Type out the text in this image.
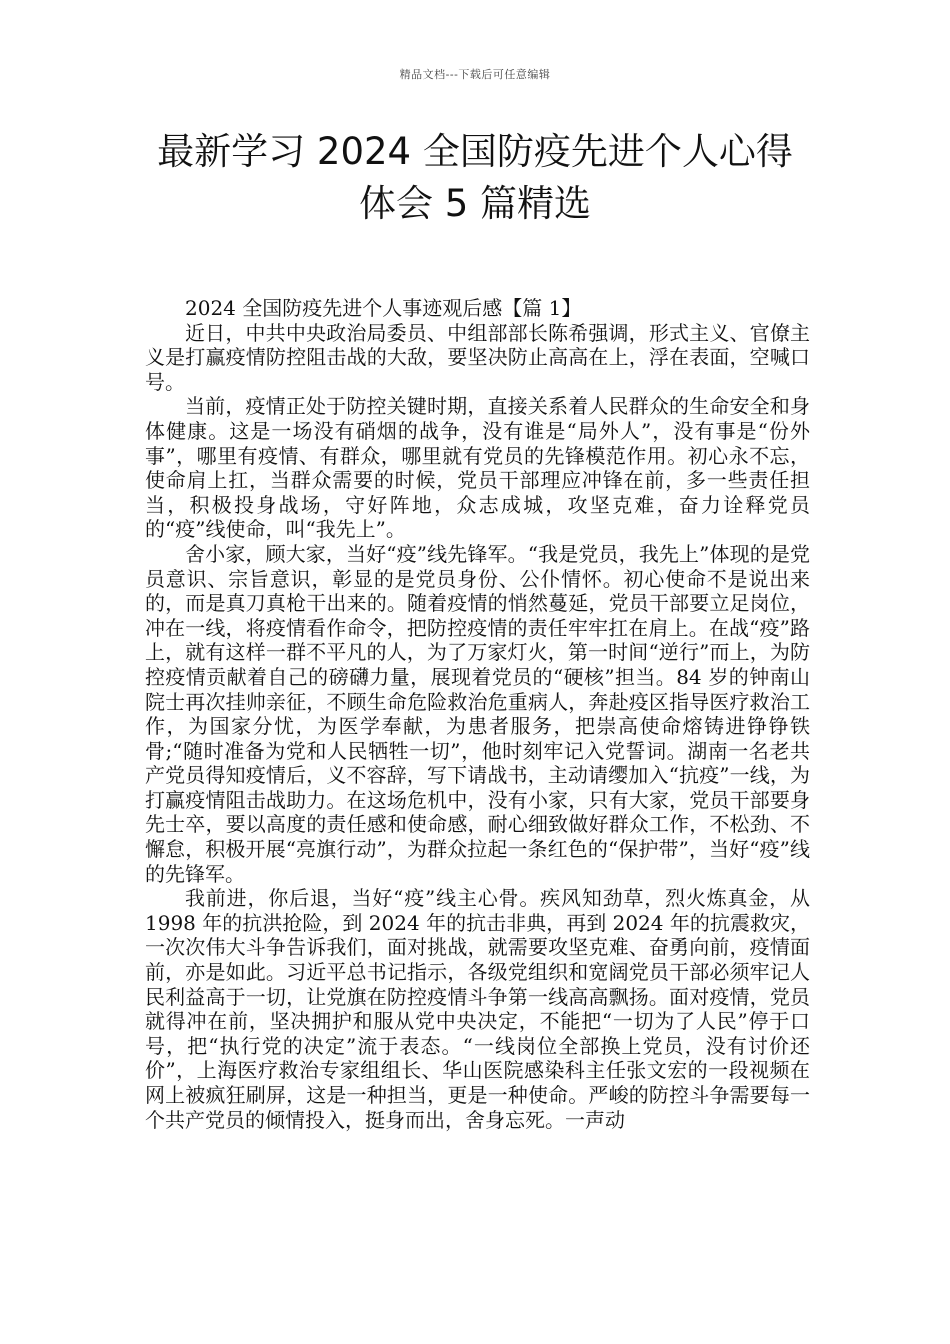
精品文档---下载后可任意编辑
最新学习 2024 全国防疫先进个人心得
体会 5 篇精选

2024 全国防疫先进个人事迹观后感【篇 1】

近日，中共中央政治局委员、中组部部长陈希强调，形式主义、官僚主义是打赢疫情防控阻击战的大敌，要坚决防止高高在上，浮在表面，空喊口号。

当前，疫情正处于防控关键时期，直接关系着人民群众的生命安全和身体健康。这是一场没有硝烟的战争，没有谁是“局外人”，没有事是“份外事”，哪里有疫情、有群众，哪里就有党员的先锋模范作用。初心永不忘，使命肩上扛，当群众需要的时候，党员干部理应冲锋在前，多一些责任担当，积极投身战场，守好阵地，众志成城，攻坚克难，奋力诠释党员的“疫”线使命，叫“我先上”。

舍小家，顾大家，当好“疫”线先锋军。“我是党员，我先上”体现的是党员意识、宗旨意识，彰显的是党员身份、公仆情怀。初心使命不是说出来的，而是真刀真枪干出来的。随着疫情的悄然蔓延，党员干部要立足岗位，冲在一线，将疫情看作命令，把防控疫情的责任牢牢扛在肩上。在战“疫”路上，就有这样一群不平凡的人，为了万家灯火，第一时间“逆行”而上，为防控疫情贡献着自己的磅礴力量，展现着党员的“硬核”担当。84 岁的钟南山院士再次挂帅亲征，不顾生命危险救治危重病人，奔赴疫区指导医疗救治工作，为国家分忧，为医学奉献，为患者服务，把崇高使命熔铸进铮铮铁骨;“随时准备为党和人民牺牲一切”，他时刻牢记入党誓词。湖南一名老共产党员得知疫情后，义不容辞，写下请战书，主动请缨加入“抗疫”一线，为打赢疫情阻击战助力。在这场危机中，没有小家，只有大家，党员干部要身先士卒，要以高度的责任感和使命感，耐心细致做好群众工作，不松劲、不懈怠，积极开展“亮旗行动”，为群众拉起一条红色的“保护带”，当好“疫”线的先锋军。

我前进，你后退，当好“疫”线主心骨。疾风知劲草，烈火炼真金，从 1998 年的抗洪抢险，到 2024 年的抗击非典，再到 2024 年的抗震救灾，一次次伟大斗争告诉我们，面对挑战，就需要攻坚克难、奋勇向前，疫情面前，亦是如此。习近平总书记指示，各级党组织和宽阔党员干部必须牢记人民利益高于一切，让党旗在防控疫情斗争第一线高高飘扬。面对疫情，党员就得冲在前，坚决拥护和服从党中央决定，不能把“一切为了人民”停于口号，把“执行党的决定”流于表态。“一线岗位全部换上党员，没有讨价还价”，上海医疗救治专家组组长、华山医院感染科主任张文宏的一段视频在网上被疯狂刷屏，这是一种担当，更是一种使命。严峻的防控斗争需要每一个共产党员的倾情投入，挺身而出，舍身忘死。一声动
